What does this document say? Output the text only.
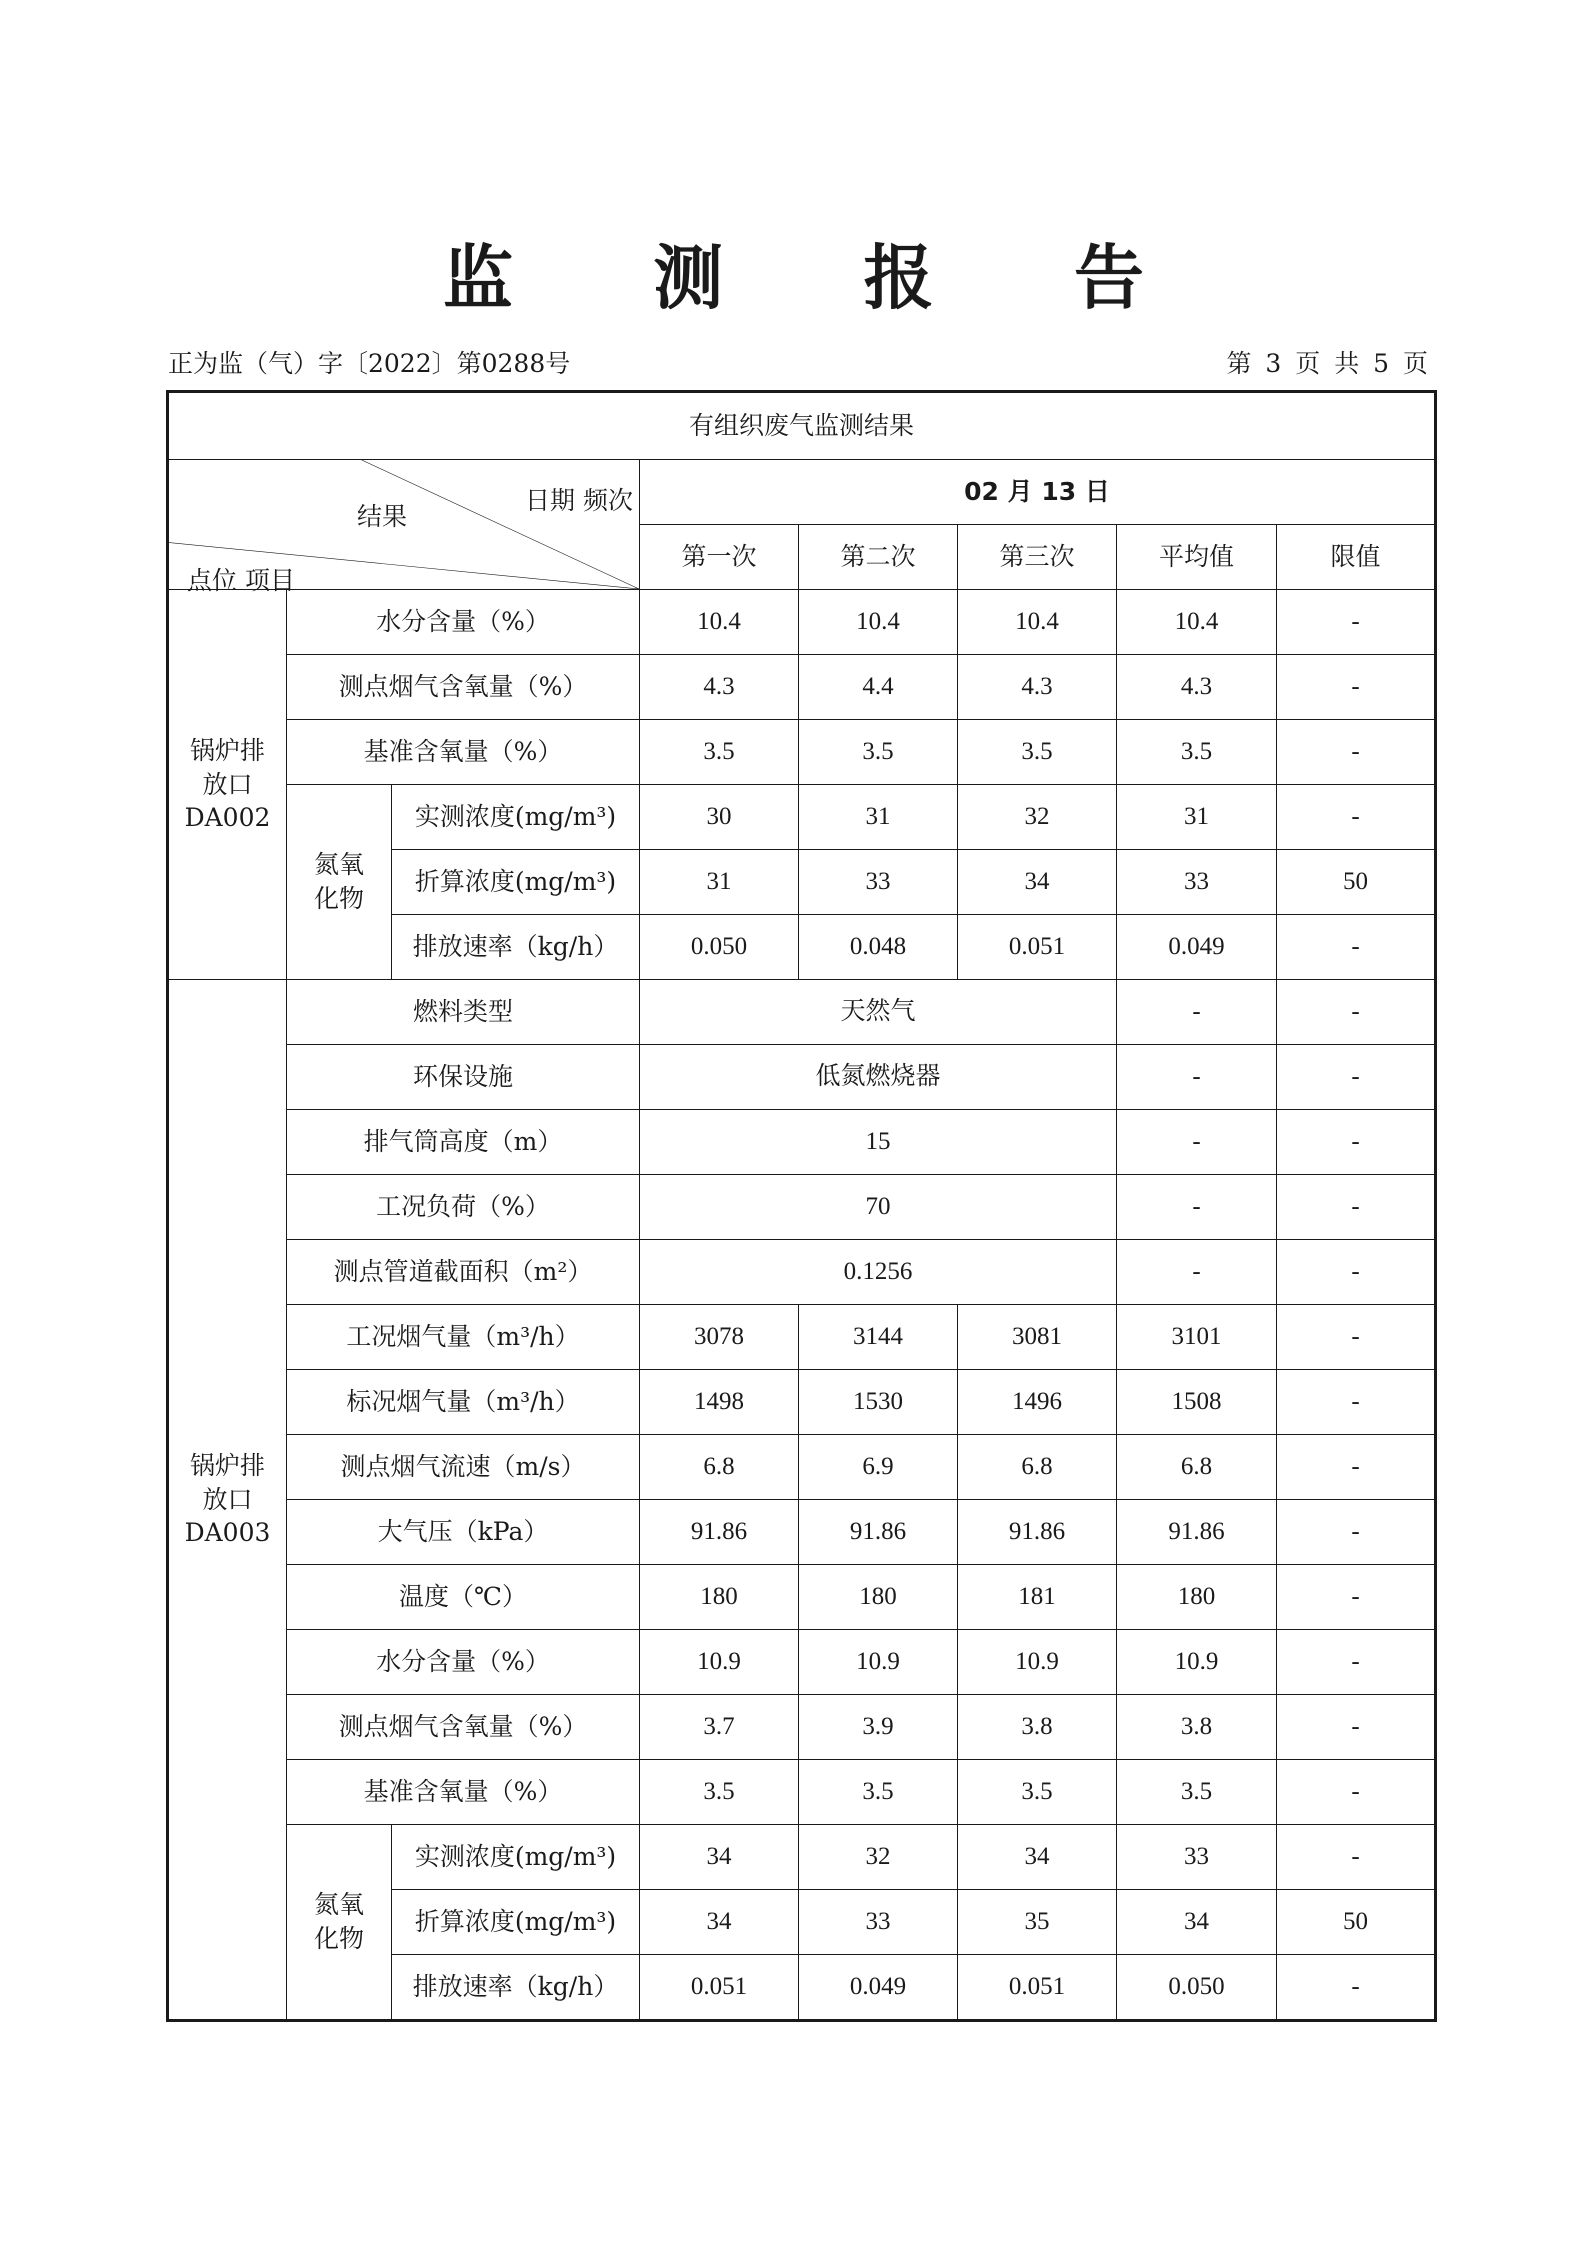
监 测 报 告
正为监（气）字〔2022〕第0288号	第 3 页 共 5 页
有组织废气监测结果							

日期 频次
结果
点位 项目			02 月 13 日				
			第一次	第二次	第三次	平均值	限值
锅炉排
放口
DA002	水分含量（%）		10.4	10.4	10.4	10.4	-
	测点烟气含氧量（%）		4.3	4.4	4.3	4.3	-
	基准含氧量（%）		3.5	3.5	3.5	3.5	-
	氮氧
化物	实测浓度(mg/m³)	30	31	32	31	-
		折算浓度(mg/m³)	31	33	34	33	50
		排放速率（kg/h）	0.050	0.048	0.051	0.049	-
锅炉排
放口
DA003	燃料类型		天然气			-	-
	环保设施		低氮燃烧器			-	-
	排气筒高度（m）		15			-	-
	工况负荷（%）		70			-	-
	测点管道截面积（m²）		0.1256			-	-
	工况烟气量（m³/h）		3078	3144	3081	3101	-
	标况烟气量（m³/h）		1498	1530	1496	1508	-
	测点烟气流速（m/s）		6.8	6.9	6.8	6.8	-
	大气压（kPa）		91.86	91.86	91.86	91.86	-
	温度（℃）		180	180	181	180	-
	水分含量（%）		10.9	10.9	10.9	10.9	-
	测点烟气含氧量（%）		3.7	3.9	3.8	3.8	-
	基准含氧量（%）		3.5	3.5	3.5	3.5	-
	氮氧
化物	实测浓度(mg/m³)	34	32	34	33	-
		折算浓度(mg/m³)	34	33	35	34	50
		排放速率（kg/h）	0.051	0.049	0.051	0.050	-
